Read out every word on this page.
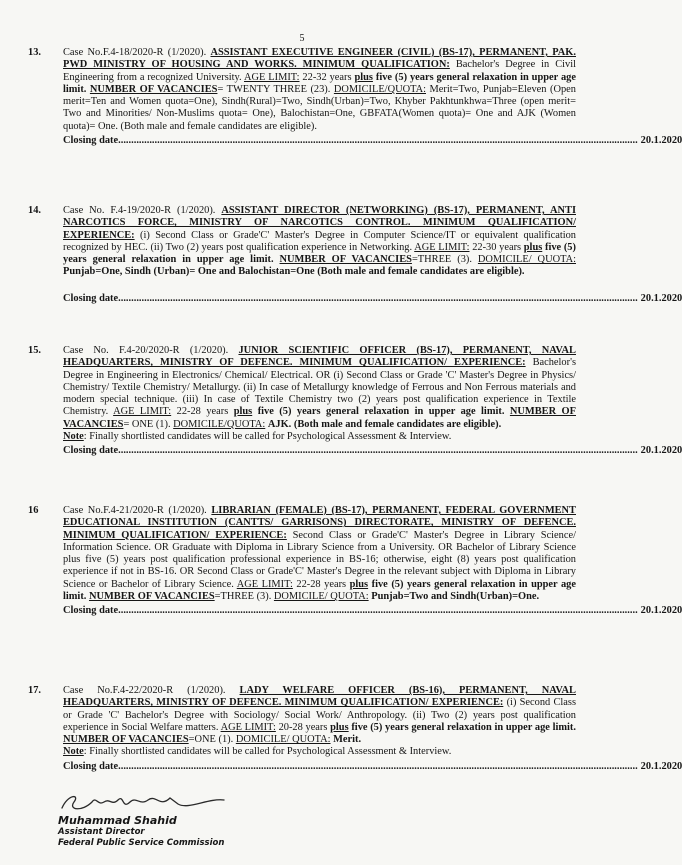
5
13.	Case No.F.4-18/2020-R (1/2020). ASSISTANT EXECUTIVE ENGINEER (CIVIL) (BS-17), PERMANENT, PAK. PWD MINISTRY OF HOUSING AND WORKS. MINIMUM QUALIFICATION: Bachelor's Degree in Civil Engineering from a recognized University. AGE LIMIT: 22-32 years plus five (5) years general relaxation in upper age limit. NUMBER OF VACANCIES= TWENTY THREE (23). DOMICILE/QUOTA: Merit=Two, Punjab=Eleven (Open merit=Ten and Women quota=One), Sindh(Rural)=Two, Sindh(Urban)=Two, Khyber Pakhtunkhwa=Three (open merit= Two and Minorities/ Non-Muslims quota= One), Balochistan=One, GBFATA(Women quota)= One and AJK (Women quota)= One. (Both male and female candidates are eligible).
Closing date........................................................................................................................................................................................................ 20.1.2020
14.	Case No. F.4-19/2020-R (1/2020). ASSISTANT DIRECTOR (NETWORKING) (BS-17), PERMANENT, ANTI NARCOTICS FORCE, MINISTRY OF NARCOTICS CONTROL. MINIMUM QUALIFICATION/ EXPERIENCE: (i) Second Class or Grade'C' Master's Degree in Computer Science/IT or equivalent qualification recognized by HEC. (ii) Two (2) years post qualification experience in Networking. AGE LIMIT: 22-30 years plus five (5) years general relaxation in upper age limit. NUMBER OF VACANCIES=THREE (3). DOMICILE/ QUOTA: Punjab=One, Sindh (Urban)= One and Balochistan=One (Both male and female candidates are eligible).
Closing date........................................................................................................................................................................................................ 20.1.2020
15.	Case No. F.4-20/2020-R (1/2020). JUNIOR SCIENTIFIC OFFICER (BS-17), PERMANENT, NAVAL HEADQUARTERS, MINISTRY OF DEFENCE. MINIMUM QUALIFICATION/ EXPERIENCE: Bachelor's Degree in Engineering in Electronics/ Chemical/ Electrical. OR (i) Second Class or Grade 'C' Master's Degree in Physics/ Chemistry/ Textile Chemistry/ Metallurgy. (ii) In case of Metallurgy knowledge of Ferrous and Non Ferrous materials and modern special technique. (iii) In case of Textile Chemistry two (2) years post qualification experience in Textile Chemistry. AGE LIMIT: 22-28 years plus five (5) years general relaxation in upper age limit. NUMBER OF VACANCIES= ONE (1). DOMICILE/QUOTA: AJK. (Both male and female candidates are eligible).
Note: Finally shortlisted candidates will be called for Psychological Assessment & Interview.
Closing date........................................................................................................................................................................................................ 20.1.2020
16	Case No.F.4-21/2020-R (1/2020). LIBRARIAN (FEMALE) (BS-17), PERMANENT, FEDERAL GOVERNMENT EDUCATIONAL INSTITUTION (CANTTS/ GARRISONS) DIRECTORATE, MINISTRY OF DEFENCE. MINIMUM QUALIFICATION/ EXPERIENCE: Second Class or Grade'C' Master's Degree in Library Science/ Information Science. OR Graduate with Diploma in Library Science from a University. OR Bachelor of Library Science plus five (5) years post qualification professional experience in BS-16; otherwise, eight (8) years post qualification experience if not in BS-16. OR Second Class or Grade'C' Master's Degree in the relevant subject with Diploma in Library Science or Bachelor of Library Science. AGE LIMIT: 22-28 years plus five (5) years general relaxation in upper age limit. NUMBER OF VACANCIES=THREE (3). DOMICILE/ QUOTA: Punjab=Two and Sindh(Urban)=One.
Closing date........................................................................................................................................................................................................ 20.1.2020
17.	Case No.F.4-22/2020-R (1/2020). LADY WELFARE OFFICER (BS-16), PERMANENT, NAVAL HEADQUARTERS, MINISTRY OF DEFENCE. MINIMUM QUALIFICATION/ EXPERIENCE: (i) Second Class or Grade 'C' Bachelor's Degree with Sociology/ Social Work/ Anthropology. (ii) Two (2) years post qualification experience in Social Welfare matters. AGE LIMIT: 20-28 years plus five (5) years general relaxation in upper age limit. NUMBER OF VACANCIES=ONE (1). DOMICILE/ QUOTA: Merit.
Note: Finally shortlisted candidates will be called for Psychological Assessment & Interview.
Closing date........................................................................................................................................................................................................ 20.1.2020
Muhammad Shahid
Assistant Director
Federal Public Service Commission
